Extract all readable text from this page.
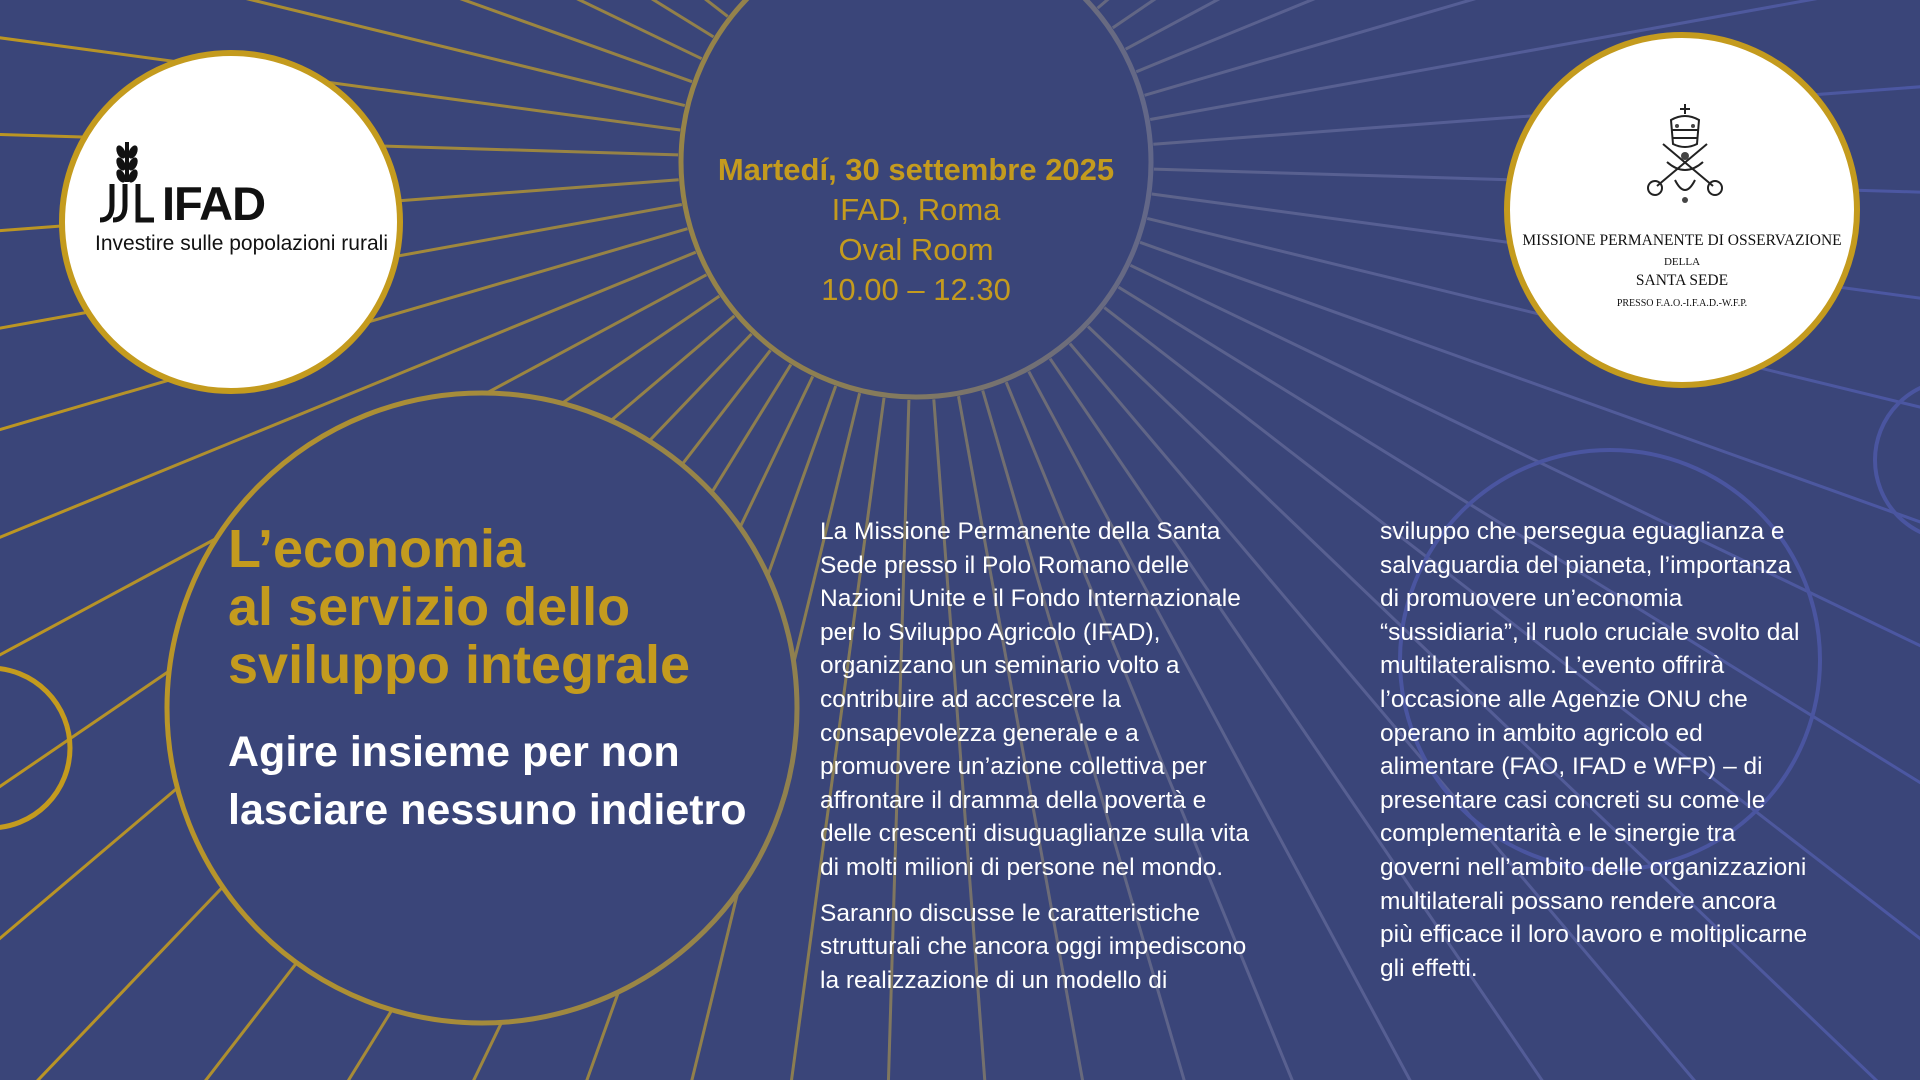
IFAD
Investire sulle popolazioni rurali	MISSIONE PERMANENTE DI OSSERVAZIONE
DELLA
SANTA SEDE
PRESSO F.A.O.-I.F.A.D.-W.F.P.
Martedí, 30 settembre 2025
IFAD, Roma
Oval Room
10.00 – 12.30
L’economia
al servizio dello
sviluppo integrale
Agire insieme per non
lasciare nessuno indietro
La Missione Permanente della Santa
Sede presso il Polo Romano delle
Nazioni Unite e il Fondo Internazionale
per lo Sviluppo Agricolo (IFAD),
organizzano un seminario volto a
contribuire ad accrescere la
consapevolezza generale e a
promuovere un’azione collettiva per
affrontare il dramma della povertà e
delle crescenti disuguaglianze sulla vita
di molti milioni di persone nel mondo.
Saranno discusse le caratteristiche
strutturali che ancora oggi impediscono
la realizzazione di un modello di
sviluppo che persegua eguaglianza e
salvaguardia del pianeta, l’importanza
di promuovere un’economia
“sussidiaria”, il ruolo cruciale svolto dal
multilateralismo. L’evento offrirà
l’occasione alle Agenzie ONU che
operano in ambito agricolo ed
alimentare (FAO, IFAD e WFP) – di
presentare casi concreti su come le
complementarità e le sinergie tra
governi nell’ambito delle organizzazioni
multilaterali possano rendere ancora
più efficace il loro lavoro e moltiplicarne
gli effetti.
